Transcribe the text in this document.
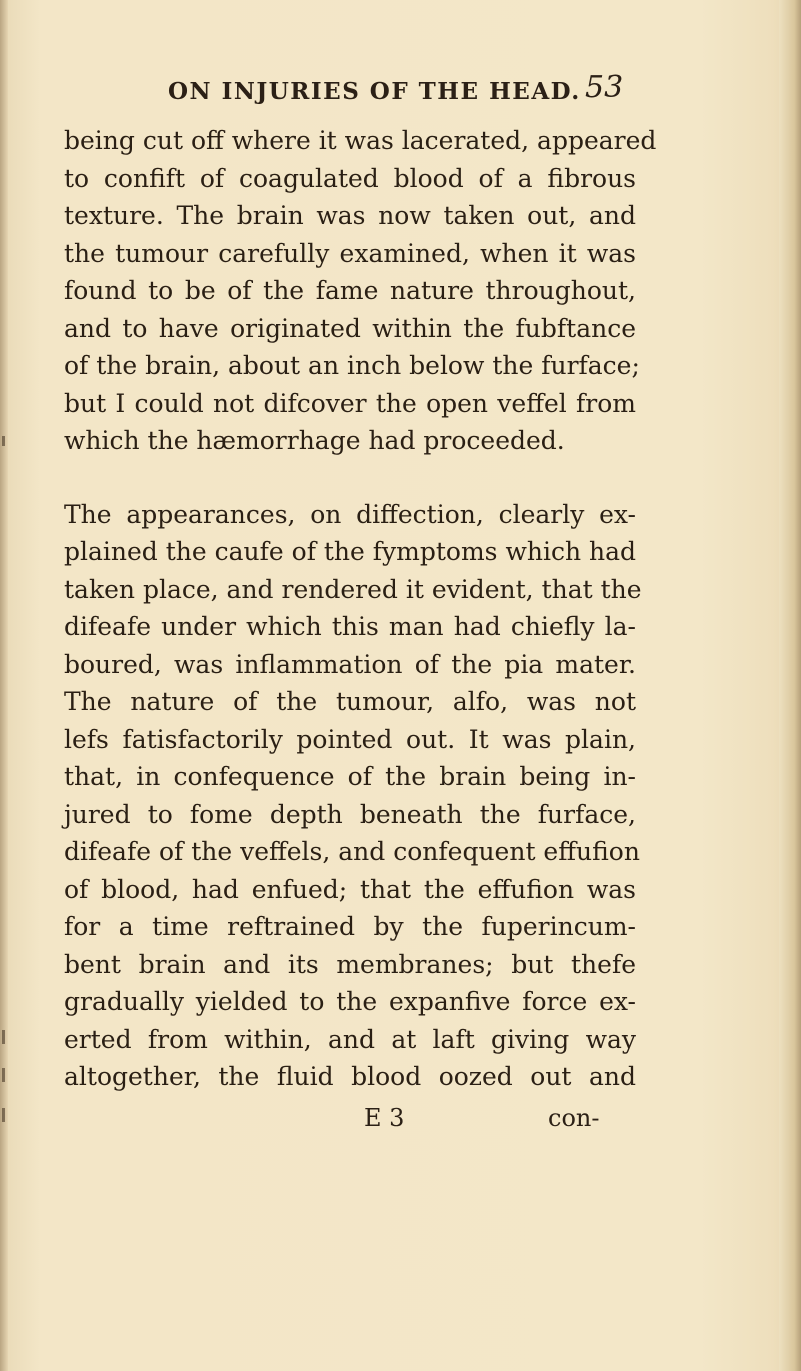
ON INJURIES OF THE HEAD. 53
being cut off where it was lacerated, appeared
to confift of coagulated blood of a fibrous
texture. The brain was now taken out, and
the tumour carefully examined, when it was
found to be of the fame nature throughout,
and to have originated within the fubftance
of the brain, about an inch below the furface;
but I could not difcover the open veffel from
which the hæmorrhage had proceeded.
The appearances, on diffection, clearly ex-
plained the caufe of the fymptoms which had
taken place, and rendered it evident, that the
difeafe under which this man had chiefly la-
boured, was inflammation of the pia mater.
The nature of the tumour, alfo, was not
lefs fatisfactorily pointed out. It was plain,
that, in confequence of the brain being in-
jured to fome depth beneath the furface,
difeafe of the veffels, and confequent effufion
of blood, had enfued; that the effufion was
for a time reftrained by the fuperincum-
bent brain and its membranes; but thefe
gradually yielded to the expanfive force ex-
erted from within, and at laft giving way
altogether, the fluid blood oozed out and
E 3	con-
